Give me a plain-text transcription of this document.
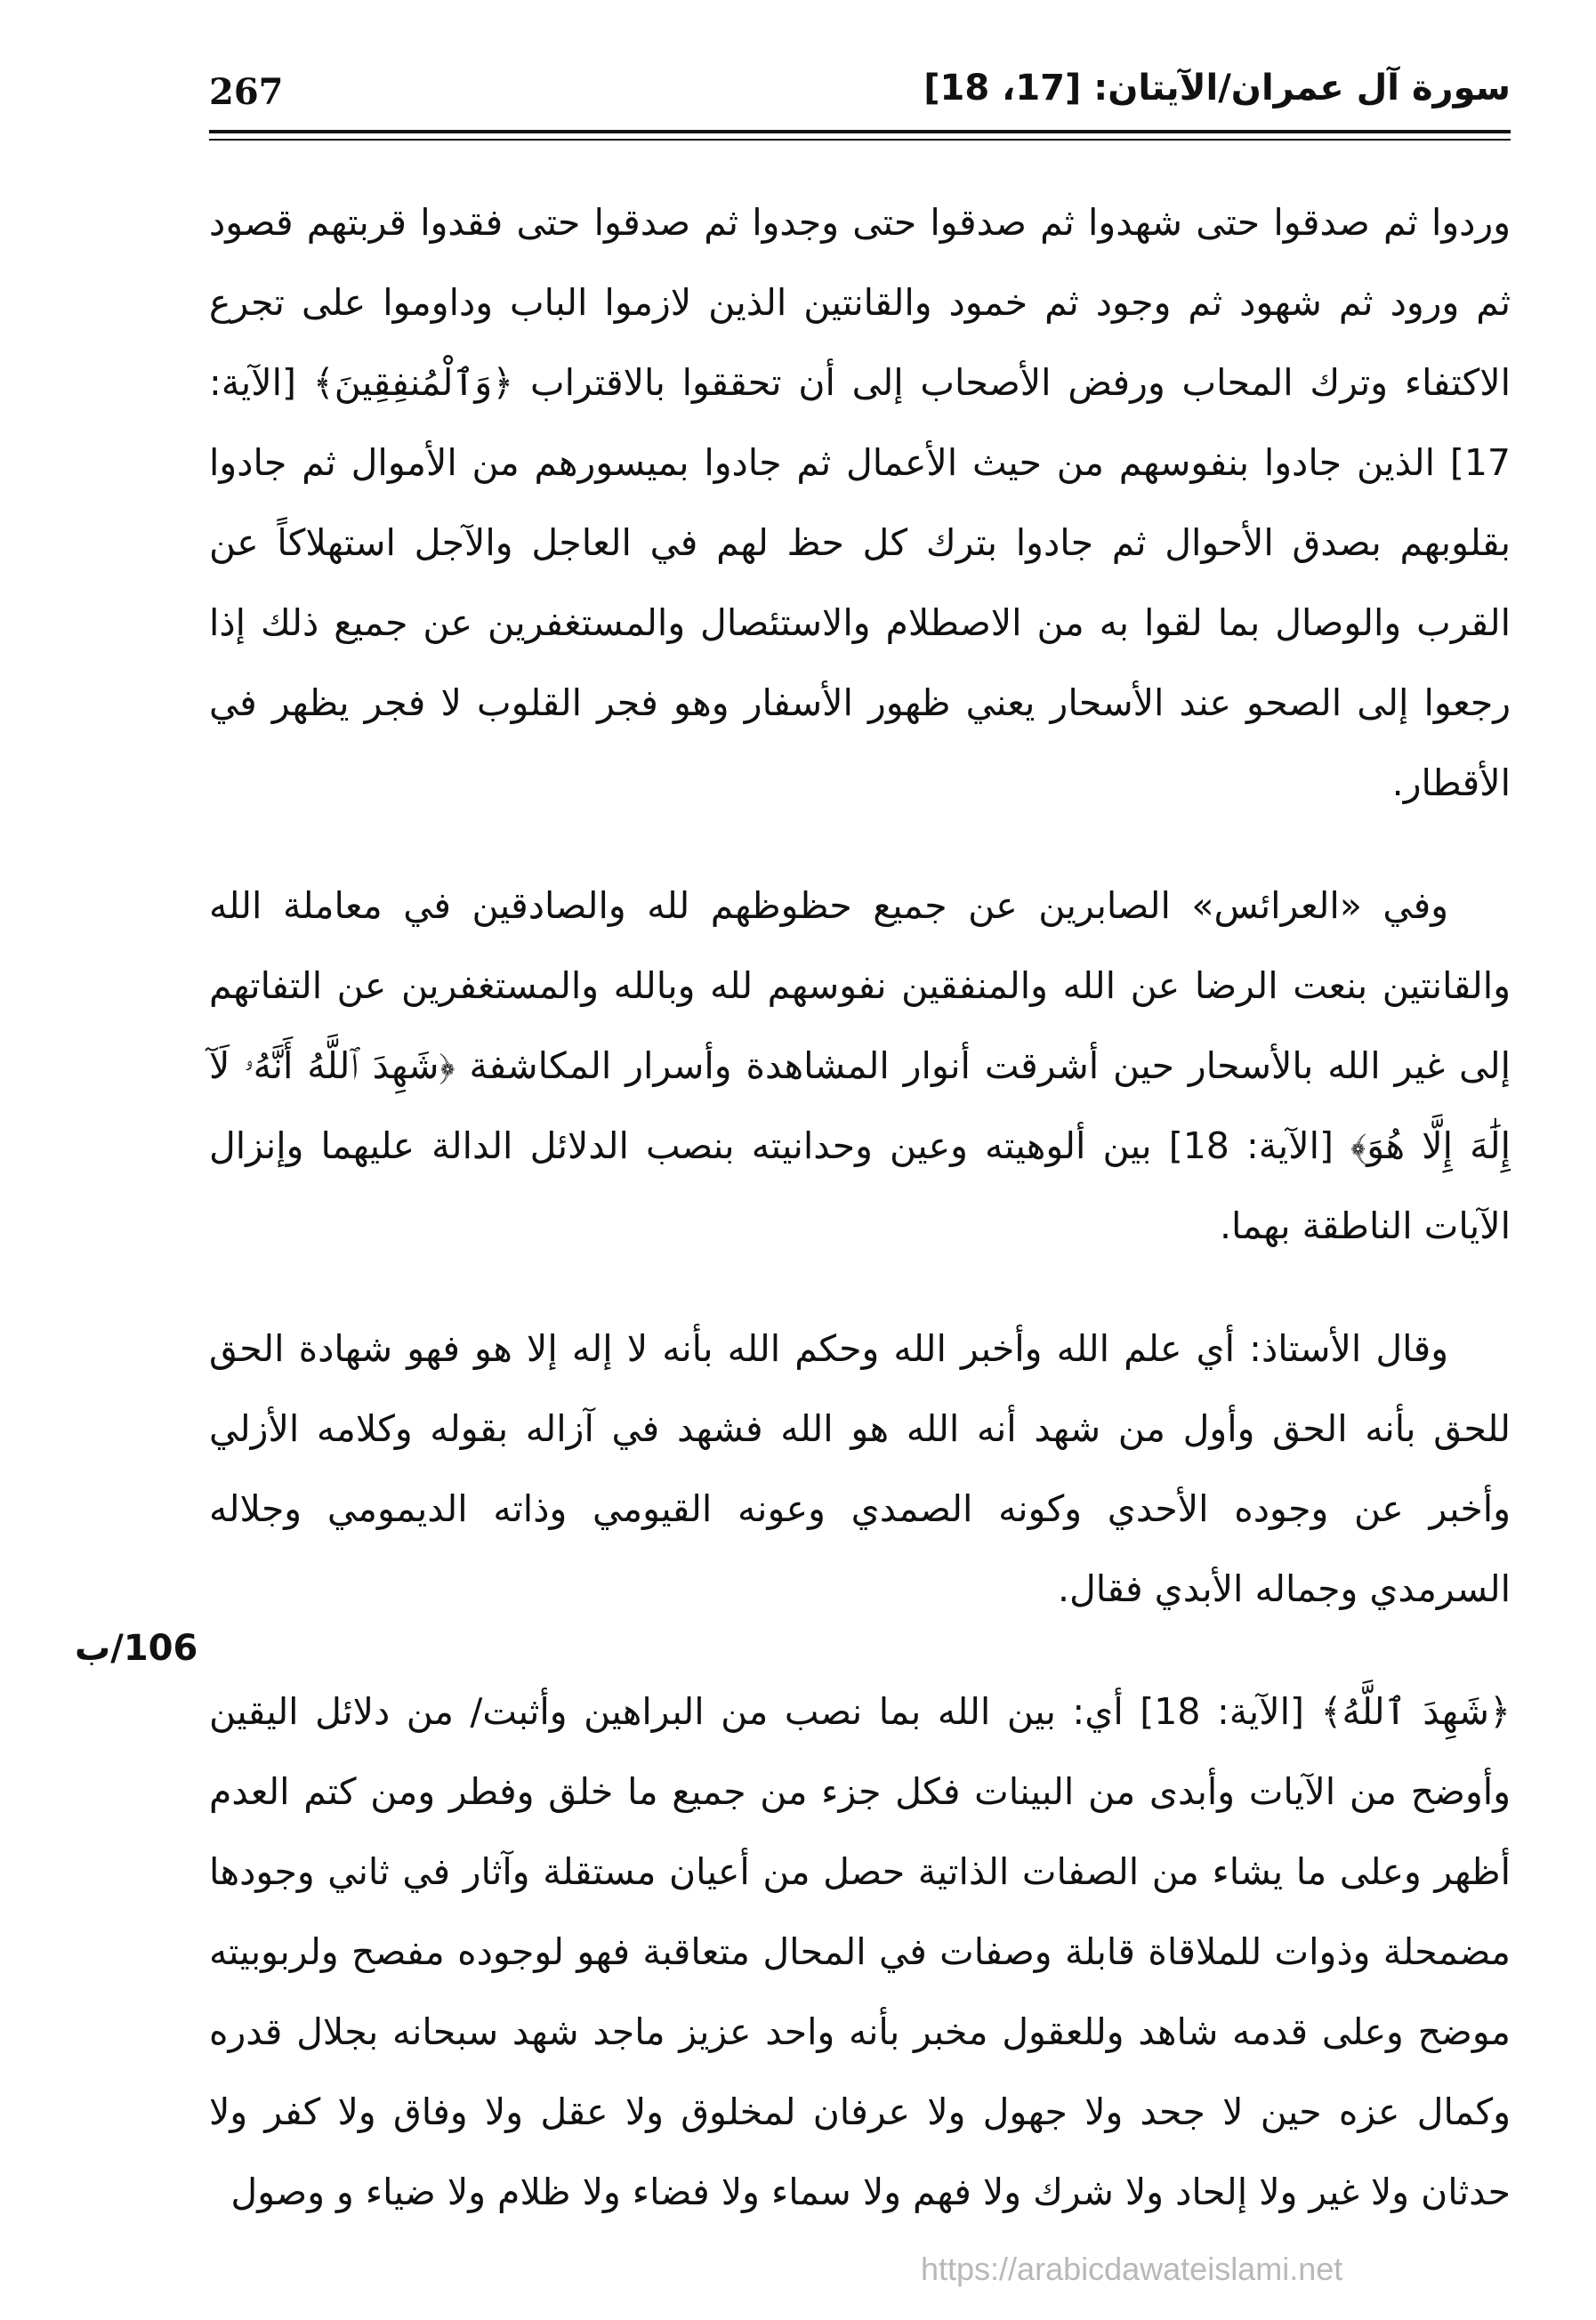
267	سورة آل عمران/الآيتان: [17، 18]

وردوا ثم صدقوا حتى شهدوا ثم صدقوا حتى وجدوا ثم صدقوا حتى فقدوا قربتهم قصود ثم ورود ثم شهود ثم وجود ثم خمود والقانتين الذين لازموا الباب وداوموا على تجرع الاكتفاء وترك المحاب ورفض الأصحاب إلى أن تحققوا بالاقتراب ﴿وَٱلْمُنفِقِينَ﴾ [الآية: 17] الذين جادوا بنفوسهم من حيث الأعمال ثم جادوا بميسورهم من الأموال ثم جادوا بقلوبهم بصدق الأحوال ثم جادوا بترك كل حظ لهم في العاجل والآجل استهلاكاً عن القرب والوصال بما لقوا به من الاصطلام والاستئصال والمستغفرين عن جميع ذلك إذا رجعوا إلى الصحو عند الأسحار يعني ظهور الأسفار وهو فجر القلوب لا فجر يظهر في الأقطار.

وفي «العرائس» الصابرين عن جميع حظوظهم لله والصادقين في معاملة الله والقانتين بنعت الرضا عن الله والمنفقين نفوسهم لله وبالله والمستغفرين عن التفاتهم إلى غير الله بالأسحار حين أشرقت أنوار المشاهدة وأسرار المكاشفة ﴿شَهِدَ ٱللَّهُ أَنَّهُۥ لَآ إِلَٰهَ إِلَّا هُوَ﴾ [الآية: 18] بين ألوهيته وعين وحدانيته بنصب الدلائل الدالة عليهما وإنزال الآيات الناطقة بهما.

وقال الأستاذ: أي علم الله وأخبر الله وحكم الله بأنه لا إله إلا هو فهو شهادة الحق للحق بأنه الحق وأول من شهد أنه الله هو الله فشهد في آزاله بقوله وكلامه الأزلي وأخبر عن وجوده الأحدي وكونه الصمدي وعونه القيومي وذاته الديمومي وجلاله السرمدي وجماله الأبدي فقال.

﴿شَهِدَ ٱللَّهُ﴾ [الآية: 18] أي: بين الله بما نصب من البراهين وأثبت/ من دلائل اليقين وأوضح من الآيات وأبدى من البينات فكل جزء من جميع ما خلق وفطر ومن كتم العدم أظهر وعلى ما يشاء من الصفات الذاتية حصل من أعيان مستقلة وآثار في ثاني وجودها مضمحلة وذوات للملاقاة قابلة وصفات في المحال متعاقبة فهو لوجوده مفصح ولربوبيته موضح وعلى قدمه شاهد وللعقول مخبر بأنه واحد عزيز ماجد شهد سبحانه بجلال قدره وكمال عزه حين لا جحد ولا جهول ولا عرفان لمخلوق ولا عقل ولا وفاق ولا كفر ولا حدثان ولا غير ولا إلحاد ولا شرك ولا فهم ولا سماء ولا فضاء ولا ظلام ولا ضياء و وصول

106/ب
https://arabicdawateislami.net
